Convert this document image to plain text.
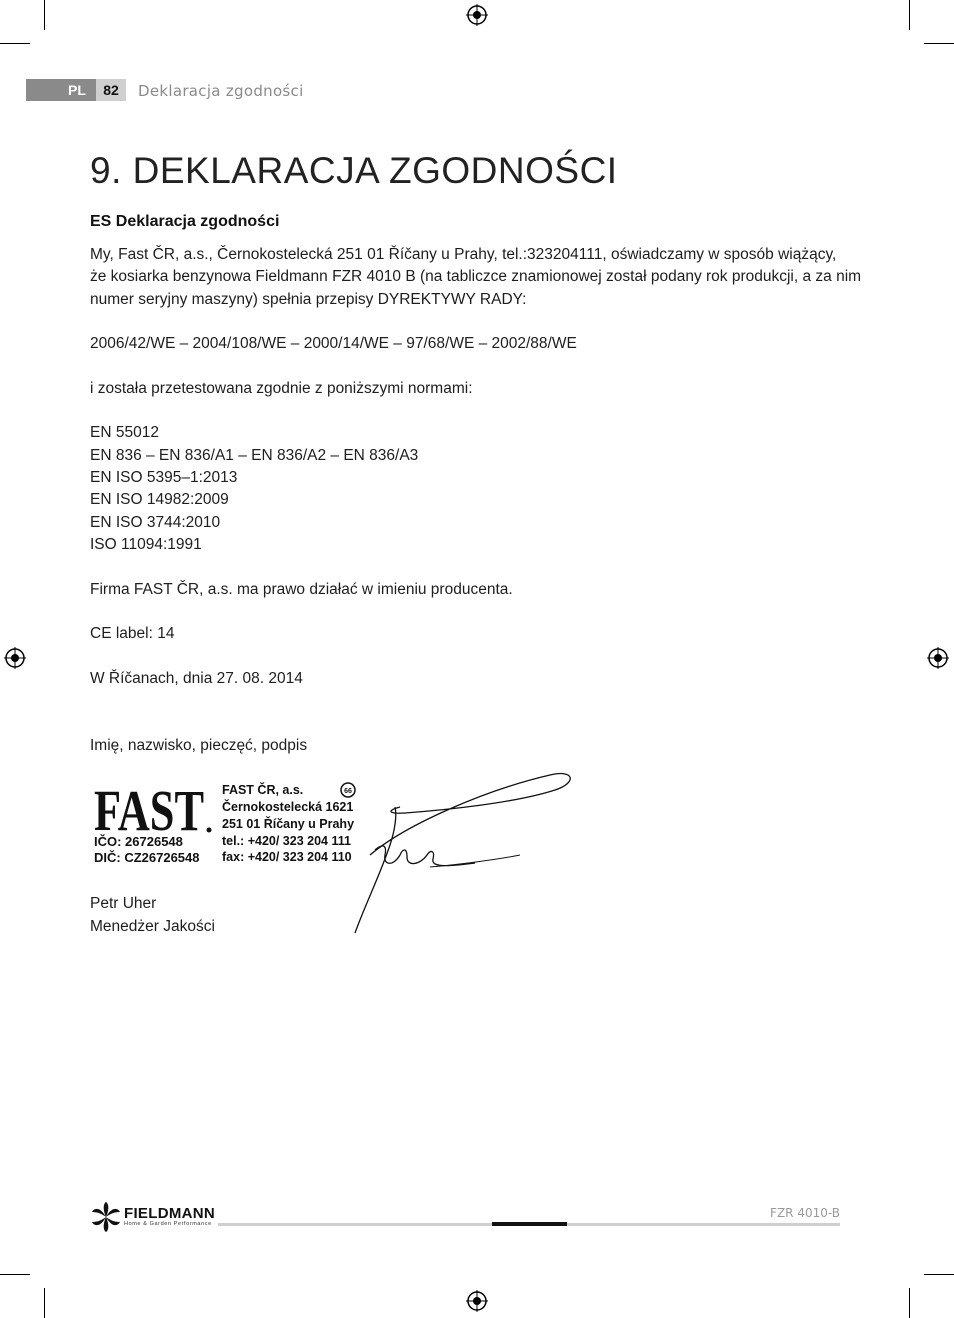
PL	82	Deklaracja zgodności
9. DEKLARACJA ZGODNOŚCI
ES Deklaracja zgodności
My, Fast ČR, a.s., Černokostelecká 251 01 Říčany u Prahy, tel.:323204111, oświadczamy w sposób wiążący,
że kosiarka benzynowa Fieldmann FZR 4010 B (na tabliczce znamionowej został podany rok produkcji, a za nim
numer seryjny maszyny) spełnia przepisy DYREKTYWY RADY:
2006/42/WE – 2004/108/WE – 2000/14/WE – 97/68/WE – 2002/88/WE
i została przetestowana zgodnie z poniższymi normami:
EN 55012
EN 836 – EN 836/A1 – EN 836/A2 – EN 836/A3
EN ISO 5395–1:2013
EN ISO 14982:2009
EN ISO 3744:2010
ISO 11094:1991
Firma FAST ČR, a.s. ma prawo działać w imieniu producenta.
CE label: 14
W Říčanach, dnia 27. 08. 2014
Imię, nazwisko, pieczęć, podpis
FAST
IČO: 26726548
DIČ: CZ26726548
FAST ČR, a.s.
Černokostelecká 1621
251 01 Říčany u Prahy
tel.: +420/ 323 204 111
fax: +420/ 323 204 110
66
Petr Uher
Menedżer Jakości
FIELDMANN
Home & Garden Performance
FZR 4010-B
